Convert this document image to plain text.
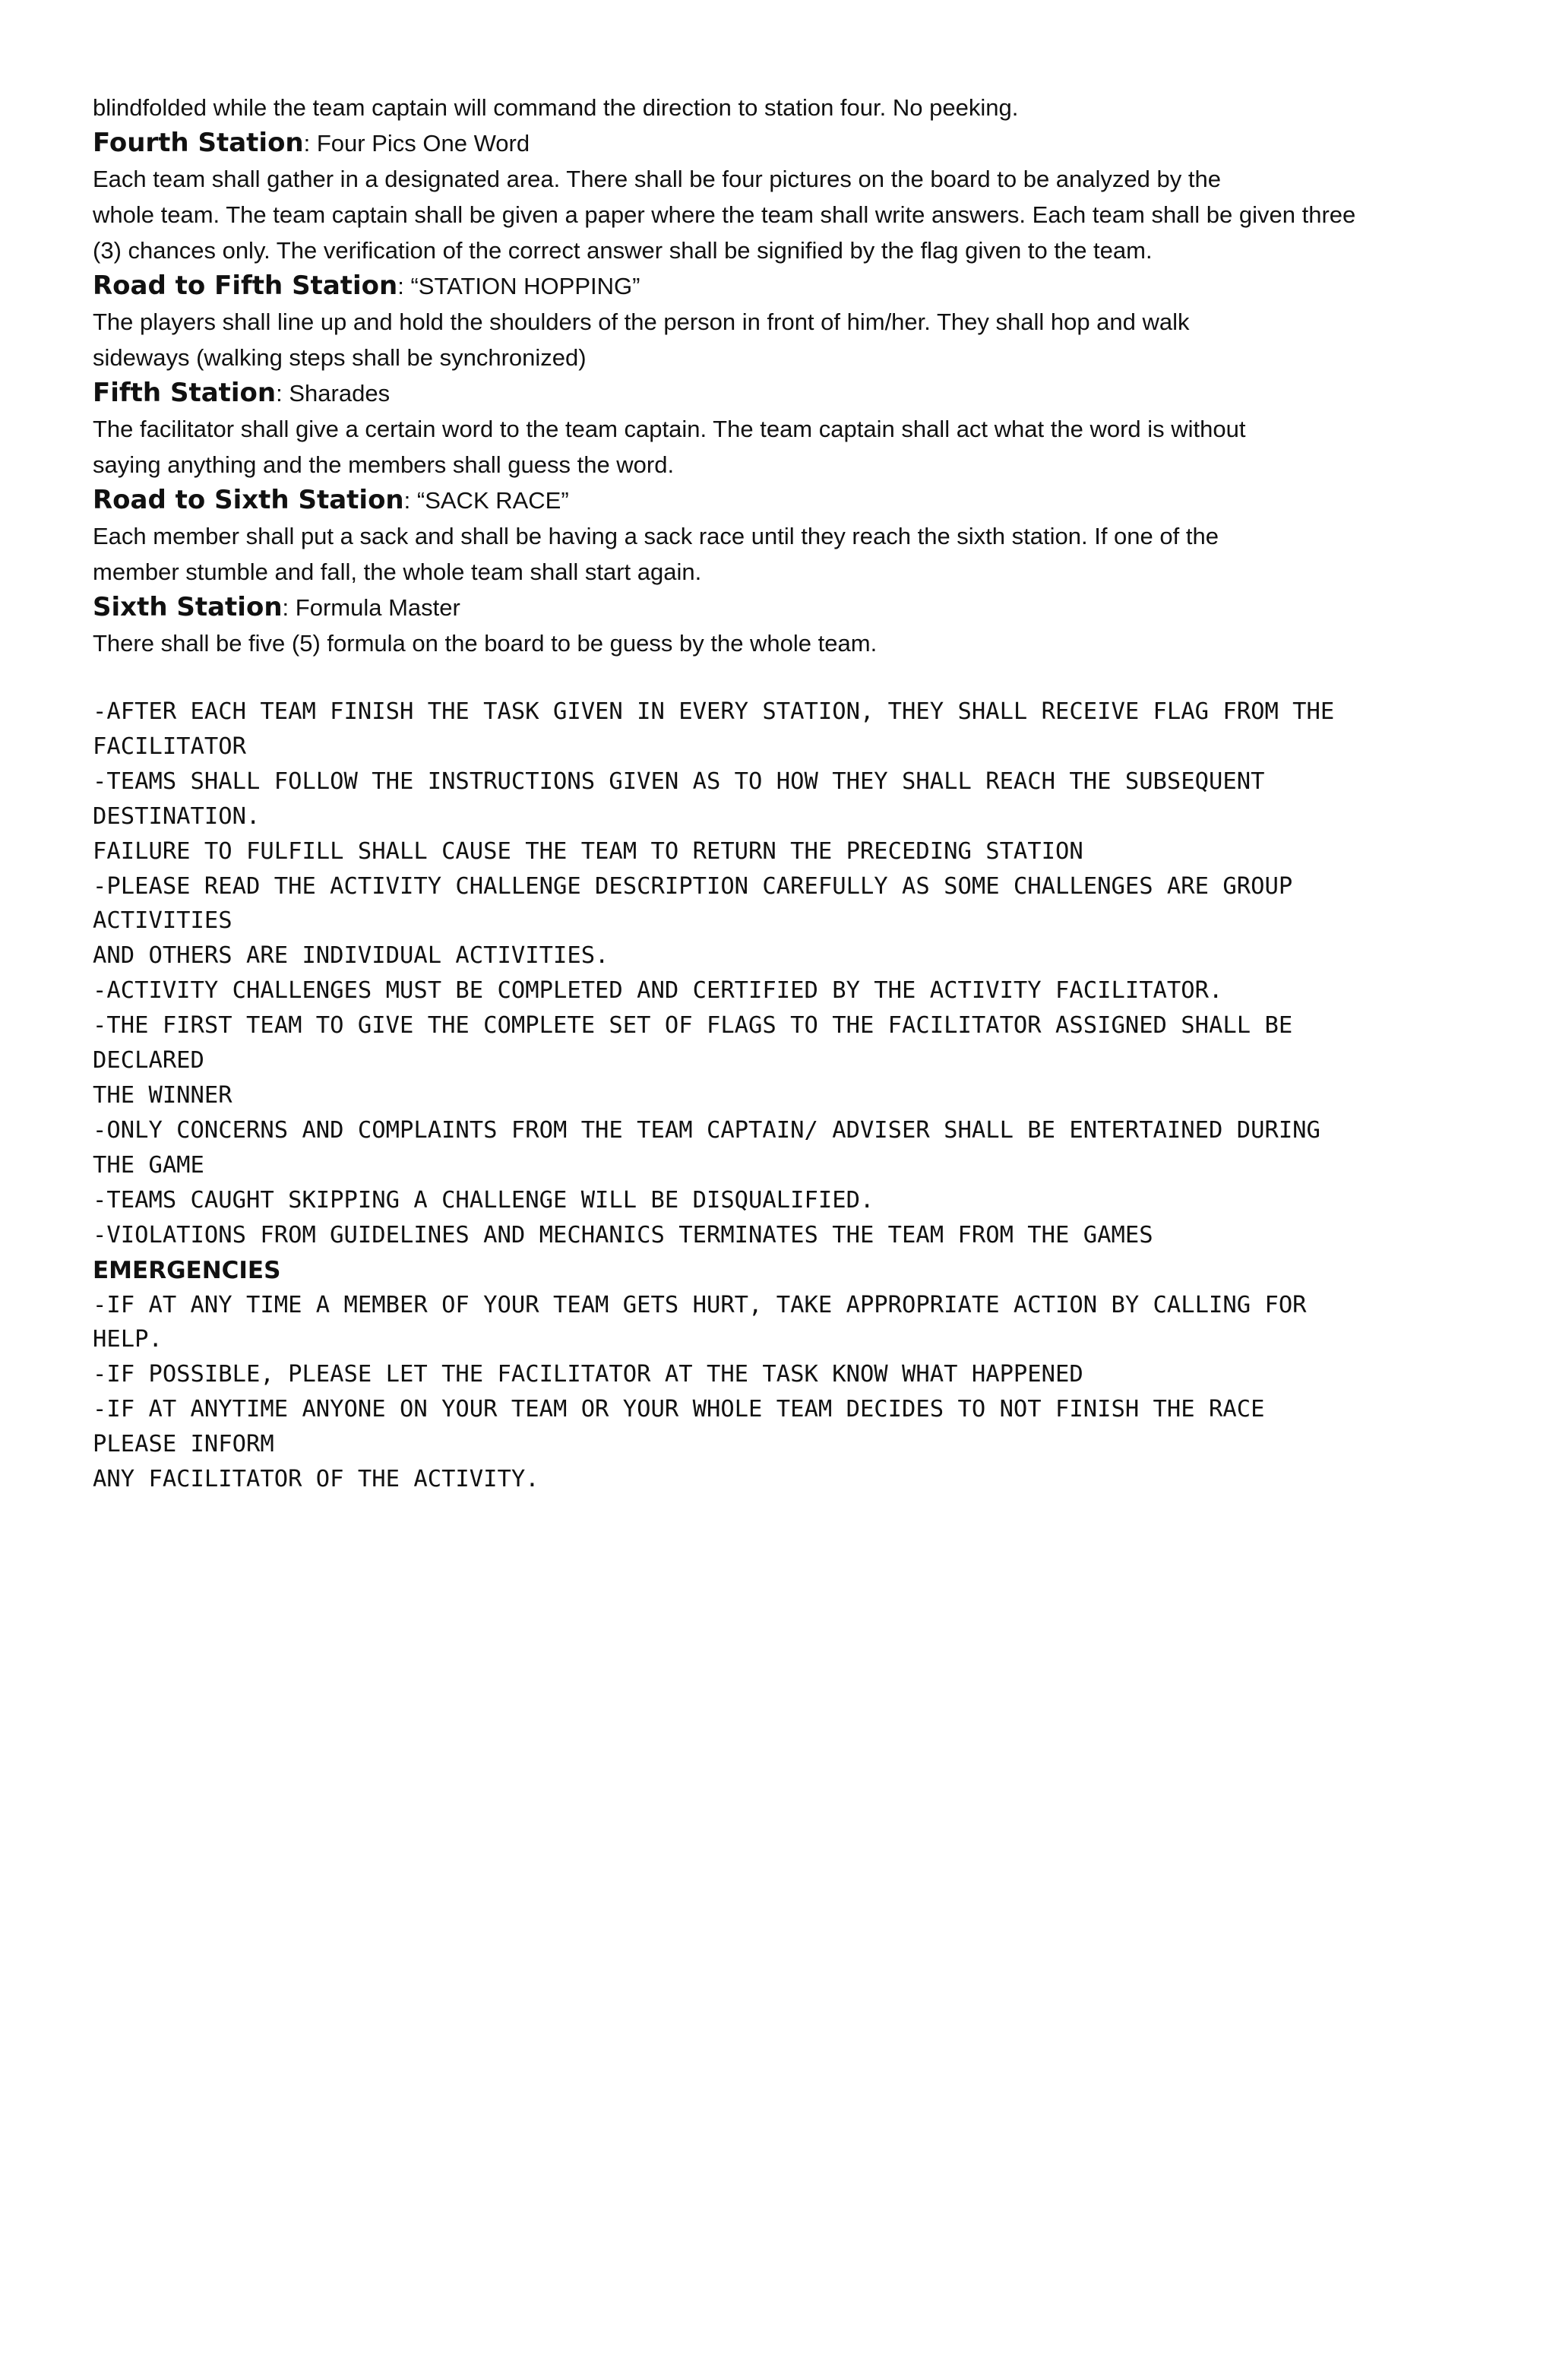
blindfolded while the team captain will command the direction to station four. No peeking.

Fourth Station: Four Pics One Word

Each team shall gather in a designated area. There shall be four pictures on the board to be analyzed by the

whole team. The team captain shall be given a paper where the team shall write answers. Each team shall be given three

(3) chances only. The verification of the correct answer shall be signified by the flag given to the team.

Road to Fifth Station: “STATION HOPPING”

The players shall line up and hold the shoulders of the person in front of him/her. They shall hop and walk

sideways (walking steps shall be synchronized)

Fifth Station: Sharades

The facilitator shall give a certain word to the team captain. The team captain shall act what the word is without

saying anything and the members shall guess the word.

Road to Sixth Station: “SACK RACE”

Each member shall put a sack and shall be having a sack race until they reach the sixth station. If one of the

member stumble and fall, the whole team shall start again.

Sixth Station: Formula Master

There shall be five (5) formula on the board to be guess by the whole team.

-AFTER EACH TEAM FINISH THE TASK GIVEN IN EVERY STATION, THEY SHALL RECEIVE FLAG FROM THE

FACILITATOR

-TEAMS SHALL FOLLOW THE INSTRUCTIONS GIVEN AS TO HOW THEY SHALL REACH THE SUBSEQUENT

DESTINATION.

FAILURE TO FULFILL SHALL CAUSE THE TEAM TO RETURN THE PRECEDING STATION

-PLEASE READ THE ACTIVITY CHALLENGE DESCRIPTION CAREFULLY AS SOME CHALLENGES ARE GROUP

ACTIVITIES

AND OTHERS ARE INDIVIDUAL ACTIVITIES.

-ACTIVITY CHALLENGES MUST BE COMPLETED AND CERTIFIED BY THE ACTIVITY FACILITATOR.

-THE FIRST TEAM TO GIVE THE COMPLETE SET OF FLAGS TO THE FACILITATOR ASSIGNED SHALL BE

DECLARED

THE WINNER

-ONLY CONCERNS AND COMPLAINTS FROM THE TEAM CAPTAIN/ ADVISER SHALL BE ENTERTAINED DURING

THE GAME

-TEAMS CAUGHT SKIPPING A CHALLENGE WILL BE DISQUALIFIED.

-VIOLATIONS FROM GUIDELINES AND MECHANICS TERMINATES THE TEAM FROM THE GAMES

EMERGENCIES

-IF AT ANY TIME A MEMBER OF YOUR TEAM GETS HURT, TAKE APPROPRIATE ACTION BY CALLING FOR

HELP.

-IF POSSIBLE, PLEASE LET THE FACILITATOR AT THE TASK KNOW WHAT HAPPENED

-IF AT ANYTIME ANYONE ON YOUR TEAM OR YOUR WHOLE TEAM DECIDES TO NOT FINISH THE RACE

PLEASE INFORM

ANY FACILITATOR OF THE ACTIVITY.
